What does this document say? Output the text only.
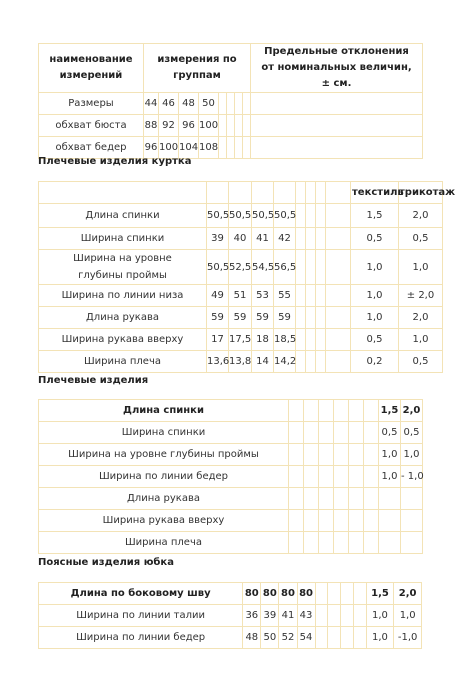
наименование измерений	измерения по группам								Предельные отклонения от номинальных величин, ± см.
Размеры	44	46	48	50					
обхват бюста	88	92	96	100					
обхват бедер	96	100	104	108					
Плечевые изделия куртка
									текстиль	трикотаж
Длина спинки	50,5	50,5	50,5	50,5					1,5	2,0
Ширина спинки	39	40	41	42					0,5	0,5
Ширина на уровне глубины проймы	50,5	52,5	54,5	56,5					1,0	1,0
Ширина по линии низа	49	51	53	55					1,0	± 2,0
Длина рукава	59	59	59	59					1,0	2,0
Ширина рукава вверху	17	17,5	18	18,5					0,5	1,0
Ширина плеча	13,6	13,8	14	14,2					0,2	0,5
Плечевые изделия
Длина спинки							1,5	2,0
Ширина спинки							0,5	0,5
Ширина на уровне глубины проймы							1,0	1,0
Ширина по линии бедер							1,0	- 1,0
Длина рукава								
Ширина рукава вверху								
Ширина плеча								
Поясные изделия юбка
Длина по боковому шву	80	80	80	80					1,5	2,0
Ширина по линии талии	36	39	41	43					1,0	1,0
Ширина по линии бедер	48	50	52	54					1,0	-1,0
